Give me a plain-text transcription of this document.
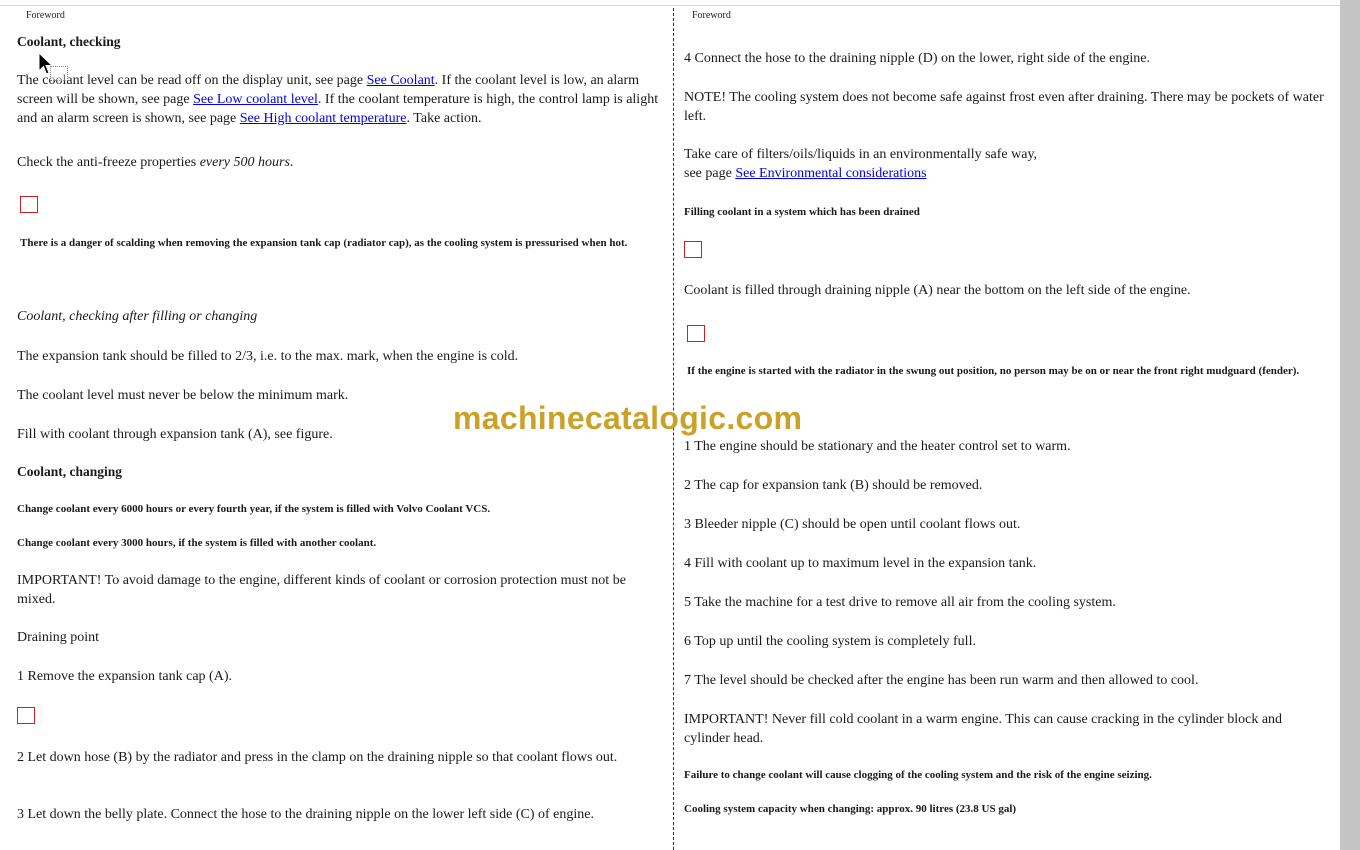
Foreword
Coolant, checking
The coolant level can be read off on the display unit, see page See Coolant. If the coolant level is low, an alarm screen will be shown, see page See Low coolant level. If the coolant temperature is high, the control lamp is alight and an alarm screen is shown, see page See High coolant temperature. Take action.
Check the anti-freeze properties every 500 hours.
There is a danger of scalding when removing the expansion tank cap (radiator cap), as the cooling system is pressurised when hot.
Coolant, checking after filling or changing
The expansion tank should be filled to 2/3, i.e. to the max. mark, when the engine is cold.
The coolant level must never be below the minimum mark.
Fill with coolant through expansion tank (A), see figure.
Coolant, changing
Change coolant every 6000 hours or every fourth year, if the system is filled with Volvo Coolant VCS.
Change coolant every 3000 hours, if the system is filled with another coolant.
IMPORTANT! To avoid damage to the engine, different kinds of coolant or corrosion protection must not be mixed.
Draining point
1 Remove the expansion tank cap (A).
2 Let down hose (B) by the radiator and press in the clamp on the draining nipple so that coolant flows out.
3 Let down the belly plate. Connect the hose to the draining nipple on the lower left side (C) of engine.
Foreword
4 Connect the hose to the draining nipple (D) on the lower, right side of the engine.
NOTE! The cooling system does not become safe against frost even after draining. There may be pockets of water left.
Take care of filters/oils/liquids in an environmentally safe way,
see page See Environmental considerations
Filling coolant in a system which has been drained
Coolant is filled through draining nipple (A) near the bottom on the left side of the engine.
If the engine is started with the radiator in the swung out position, no person may be on or near the front right mudguard (fender).
1 The engine should be stationary and the heater control set to warm.
2 The cap for expansion tank (B) should be removed.
3 Bleeder nipple (C) should be open until coolant flows out.
4 Fill with coolant up to maximum level in the expansion tank.
5 Take the machine for a test drive to remove all air from the cooling system.
6 Top up until the cooling system is completely full.
7 The level should be checked after the engine has been run warm and then allowed to cool.
IMPORTANT! Never fill cold coolant in a warm engine. This can cause cracking in the cylinder block and cylinder head.
Failure to change coolant will cause clogging of the cooling system and the risk of the engine seizing.
Cooling system capacity when changing: approx. 90 litres (23.8 US gal)
machinecatalogic.com
